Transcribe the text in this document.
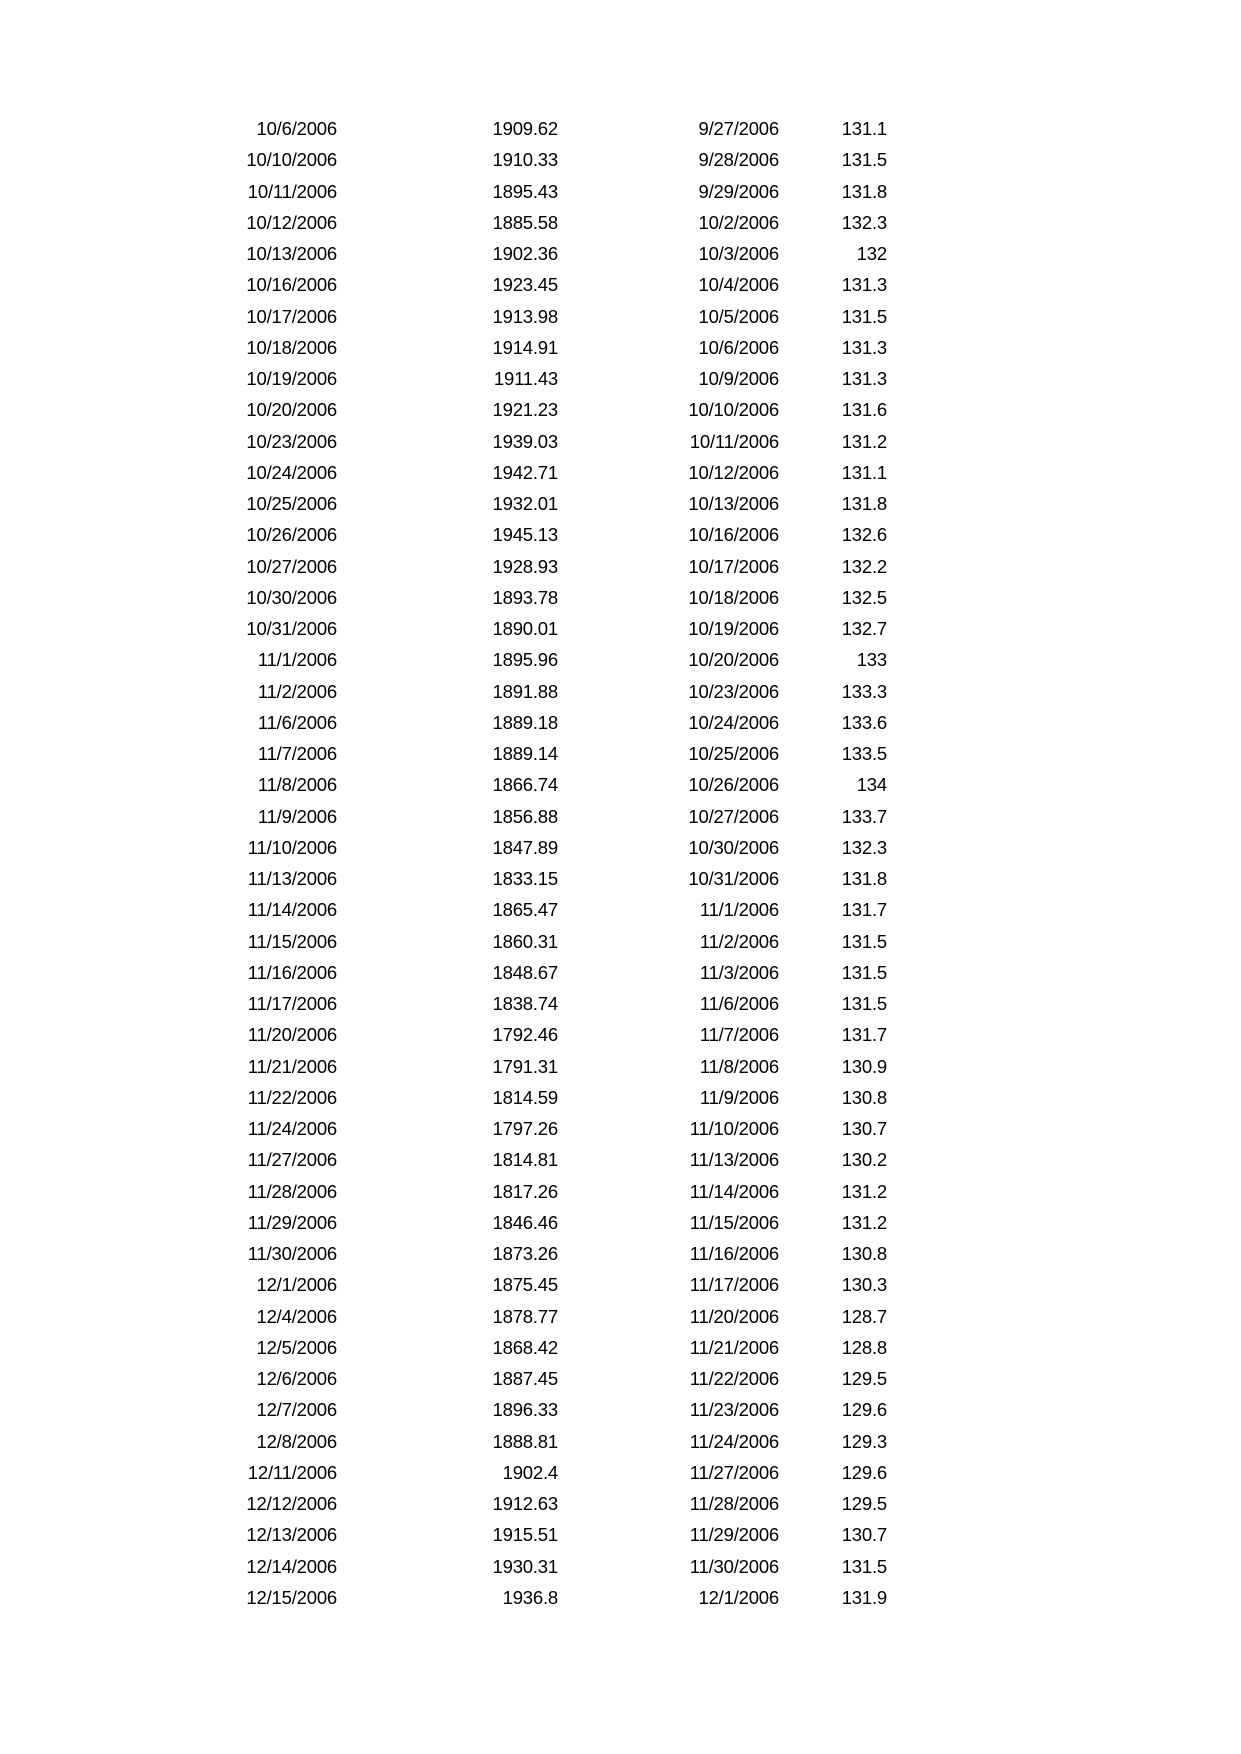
10/6/2006	1909.62	9/27/2006	131.1
10/10/2006	1910.33	9/28/2006	131.5
10/11/2006	1895.43	9/29/2006	131.8
10/12/2006	1885.58	10/2/2006	132.3
10/13/2006	1902.36	10/3/2006	132
10/16/2006	1923.45	10/4/2006	131.3
10/17/2006	1913.98	10/5/2006	131.5
10/18/2006	1914.91	10/6/2006	131.3
10/19/2006	1911.43	10/9/2006	131.3
10/20/2006	1921.23	10/10/2006	131.6
10/23/2006	1939.03	10/11/2006	131.2
10/24/2006	1942.71	10/12/2006	131.1
10/25/2006	1932.01	10/13/2006	131.8
10/26/2006	1945.13	10/16/2006	132.6
10/27/2006	1928.93	10/17/2006	132.2
10/30/2006	1893.78	10/18/2006	132.5
10/31/2006	1890.01	10/19/2006	132.7
11/1/2006	1895.96	10/20/2006	133
11/2/2006	1891.88	10/23/2006	133.3
11/6/2006	1889.18	10/24/2006	133.6
11/7/2006	1889.14	10/25/2006	133.5
11/8/2006	1866.74	10/26/2006	134
11/9/2006	1856.88	10/27/2006	133.7
11/10/2006	1847.89	10/30/2006	132.3
11/13/2006	1833.15	10/31/2006	131.8
11/14/2006	1865.47	11/1/2006	131.7
11/15/2006	1860.31	11/2/2006	131.5
11/16/2006	1848.67	11/3/2006	131.5
11/17/2006	1838.74	11/6/2006	131.5
11/20/2006	1792.46	11/7/2006	131.7
11/21/2006	1791.31	11/8/2006	130.9
11/22/2006	1814.59	11/9/2006	130.8
11/24/2006	1797.26	11/10/2006	130.7
11/27/2006	1814.81	11/13/2006	130.2
11/28/2006	1817.26	11/14/2006	131.2
11/29/2006	1846.46	11/15/2006	131.2
11/30/2006	1873.26	11/16/2006	130.8
12/1/2006	1875.45	11/17/2006	130.3
12/4/2006	1878.77	11/20/2006	128.7
12/5/2006	1868.42	11/21/2006	128.8
12/6/2006	1887.45	11/22/2006	129.5
12/7/2006	1896.33	11/23/2006	129.6
12/8/2006	1888.81	11/24/2006	129.3
12/11/2006	1902.4	11/27/2006	129.6
12/12/2006	1912.63	11/28/2006	129.5
12/13/2006	1915.51	11/29/2006	130.7
12/14/2006	1930.31	11/30/2006	131.5
12/15/2006	1936.8	12/1/2006	131.9
